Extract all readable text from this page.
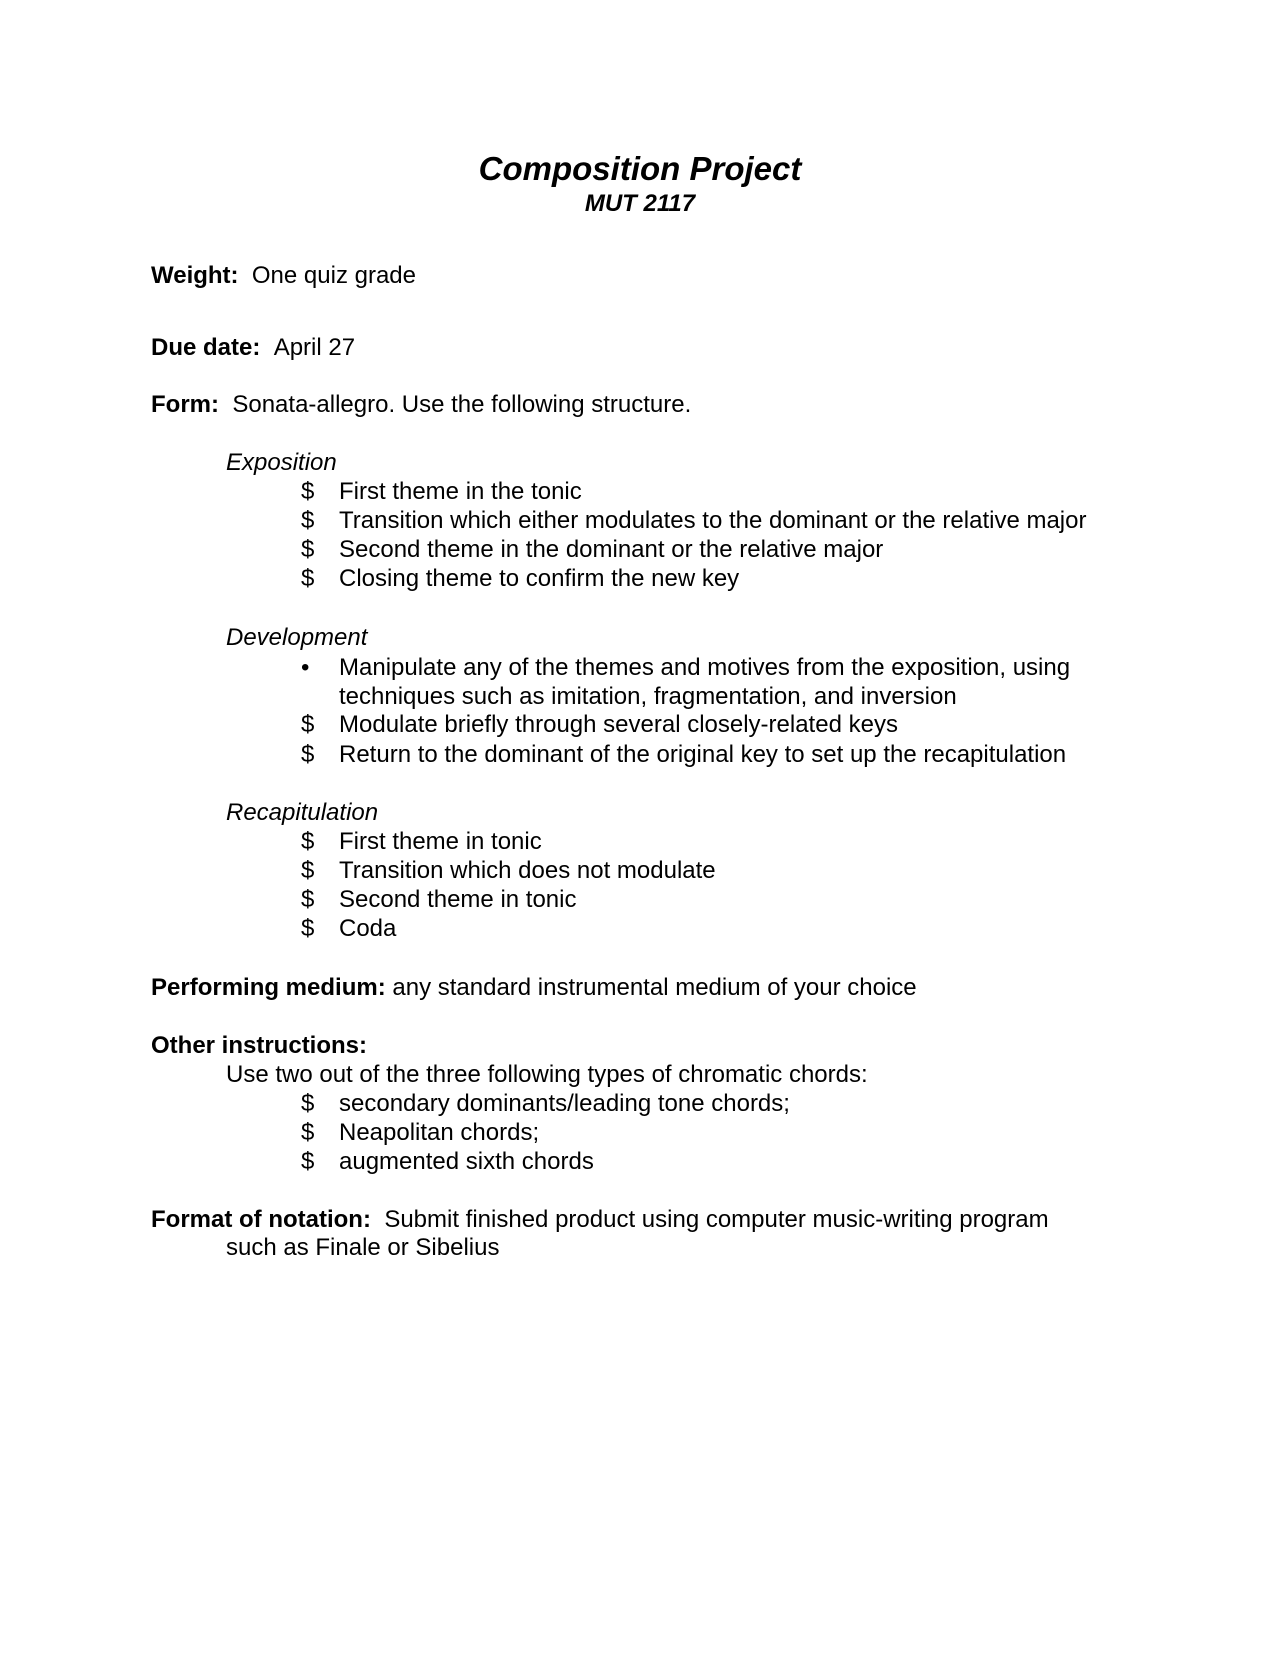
Composition Project
MUT 2117
Weight: One quiz grade
Due date: April 27
Form: Sonata-allegro. Use the following structure.
Exposition
$	First theme in the tonic
$	Transition which either modulates to the dominant or the relative major
$	Second theme in the dominant or the relative major
$	Closing theme to confirm the new key
Development
•	Manipulate any of the themes and motives from the exposition, using
techniques such as imitation, fragmentation, and inversion
$	Modulate briefly through several closely-related keys
$	Return to the dominant of the original key to set up the recapitulation
Recapitulation
$	First theme in tonic
$	Transition which does not modulate
$	Second theme in tonic
$	Coda
Performing medium: any standard instrumental medium of your choice
Other instructions:
Use two out of the three following types of chromatic chords:
$	secondary dominants/leading tone chords;
$	Neapolitan chords;
$	augmented sixth chords
Format of notation: Submit finished product using computer music-writing program
such as Finale or Sibelius
